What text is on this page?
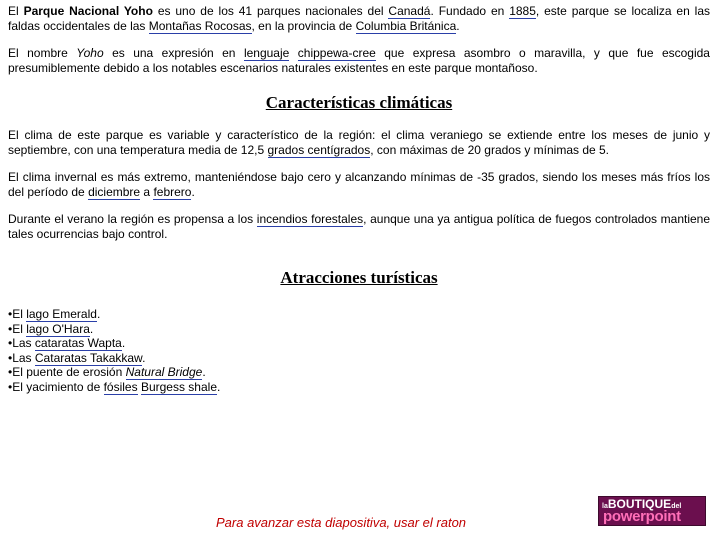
El Parque Nacional Yoho es uno de los 41 parques nacionales del Canadá. Fundado en 1885, este parque se localiza en las faldas occidentales de las Montañas Rocosas, en la provincia de Columbia Británica.

El nombre Yoho es una expresión en lenguaje chippewa-cree que expresa asombro o maravilla, y que fue escogida presumiblemente debido a los notables escenarios naturales existentes en este parque montañoso.

Características climáticas

El clima de este parque es variable y característico de la región: el clima veraniego se extiende entre los meses de junio y septiembre, con una temperatura media de 12,5 grados centígrados, con máximas de 20 grados y mínimas de 5.

El clima invernal es más extremo, manteniéndose bajo cero y alcanzando mínimas de -35 grados, siendo los meses más fríos los del período de diciembre a febrero.

Durante el verano la región es propensa a los incendios forestales, aunque una ya antigua política de fuegos controlados mantiene tales ocurrencias bajo control.

Atracciones turísticas
•El lago Emerald.
•El lago O'Hara.
•Las cataratas Wapta.
•Las Cataratas Takakkaw.
•El puente de erosión Natural Bridge.
•El yacimiento de fósiles Burgess shale.
Para avanzar esta diapositiva, usar el raton
laBOUTIQUEdel
powerpoint
